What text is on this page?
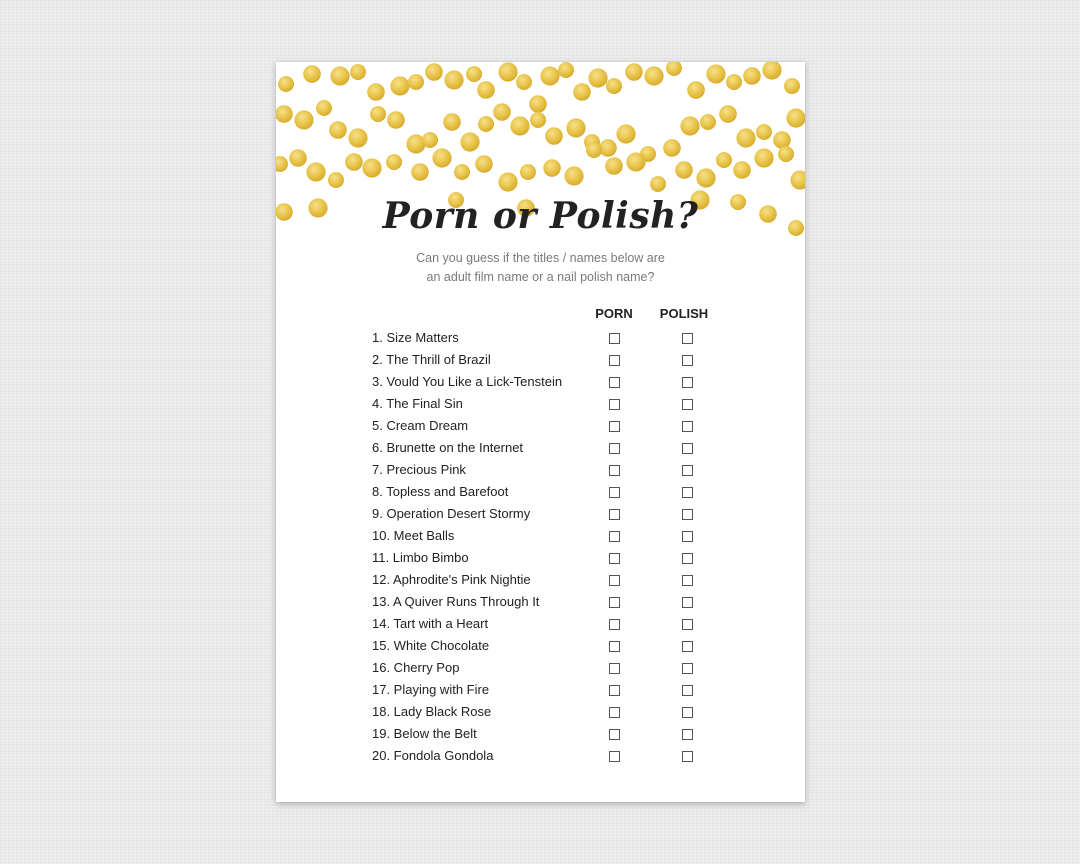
Porn or Polish?

Can you guess if the titles / names below are
an adult film name or a nail polish name?

PORN	POLISH
1. Size Matters
2. The Thrill of Brazil
3. Vould You Like a Lick-Tenstein
4. The Final Sin
5. Cream Dream
6. Brunette on the Internet
7. Precious Pink
8. Topless and Barefoot
9. Operation Desert Stormy
10. Meet Balls
11. Limbo Bimbo
12. Aphrodite's Pink Nightie
13. A Quiver Runs Through It
14. Tart with a Heart
15. White Chocolate
16. Cherry Pop
17. Playing with Fire
18. Lady Black Rose
19. Below the Belt
20. Fondola Gondola
